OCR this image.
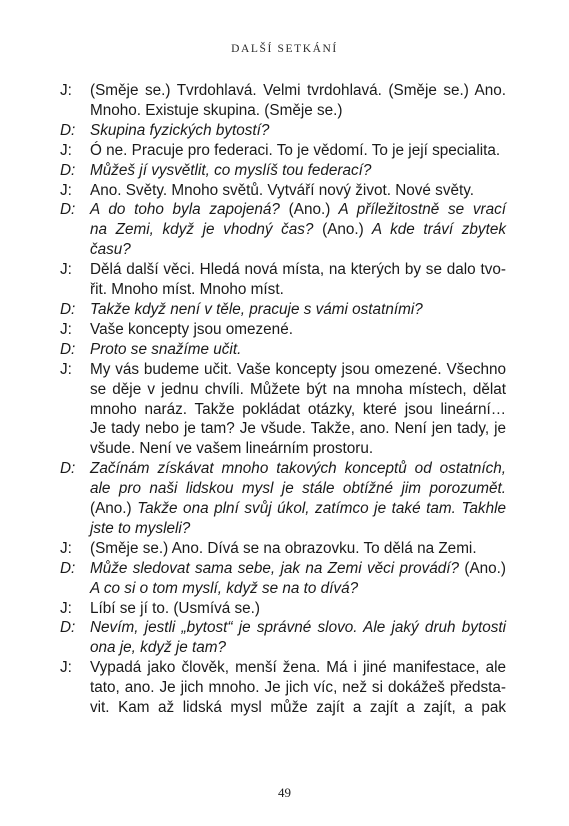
DALŠÍ SETKÁNÍ
J:	(Směje se.) Tvrdohlavá. Velmi tvrdohlavá. (Směje se.) Ano.
Mnoho. Existuje skupina. (Směje se.)
D: Skupina fyzických bytostí?
J:	Ó ne. Pracuje pro federaci. To je vědomí. To je její specialita.
D: Můžeš jí vysvětlit, co myslíš tou federací?
J:	Ano. Světy. Mnoho světů. Vytváří nový život. Nové světy.
D: A do toho byla zapojená? (Ano.) A příležitostně se vrací
na Zemi, když je vhodný čas? (Ano.) A kde tráví zbytek času?
J:	Dělá další věci. Hledá nová místa, na kterých by se dalo tvo-
řit. Mnoho míst. Mnoho míst.
D: Takže když není v těle, pracuje s vámi ostatními?
J:	Vaše koncepty jsou omezené.
D: Proto se snažíme učit.
J:	My vás budeme učit. Vaše koncepty jsou omezené. Všechno
se děje v jednu chvíli. Můžete být na mnoha místech, dělat
mnoho naráz. Takže pokládat otázky, které jsou lineární…
Je tady nebo je tam? Je všude. Takže, ano. Není jen tady, je
všude. Není ve vašem lineárním prostoru.
D: Začínám získávat mnoho takových konceptů od ostatních,
ale pro naši lidskou mysl je stále obtížné jim porozumět.
(Ano.) Takže ona plní svůj úkol, zatímco je také tam. Takhle
jste to mysleli?
J:	(Směje se.) Ano. Dívá se na obrazovku. To dělá na Zemi.
D: Může sledovat sama sebe, jak na Zemi věci provádí? (Ano.)
A co si o tom myslí, když se na to dívá?
J:	Líbí se jí to. (Usmívá se.)
D: Nevím, jestli „bytost“ je správné slovo. Ale jaký druh bytosti
ona je, když je tam?
J:	Vypadá jako člověk, menší žena. Má i jiné manifestace, ale
tato, ano. Je jich mnoho. Je jich víc, než si dokážeš předsta-
vit. Kam až lidská mysl může zajít a zajít a zajít, a pak
49
